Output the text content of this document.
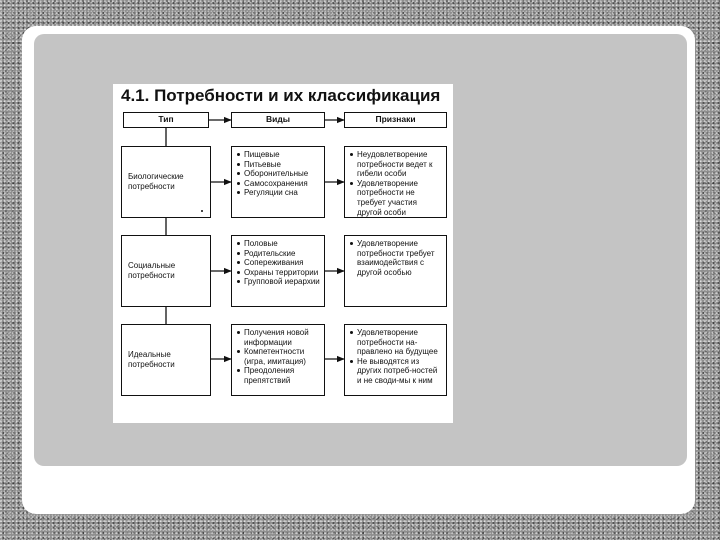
4.1. Потребности и их классификация
Тип	Виды	Признаки
Биологические потребности
Пищевые
Питьевые
Оборонительные
Самосохранения
Регуляции сна
Неудовлетворение потребности ведет к гибели особи
Удовлетворение потребности не требует участия другой особи
Социальные потребности
Половые
Родительские
Сопереживания
Охраны территории
Групповой иерархии
Удовлетворение потребности требует взаимодействия с другой особью
Идеальные потребности
Получения новой информации
Компетентности (игра, имитация)
Преодоления препятствий
Удовлетворение потребности на-правлено на будущее
Не выводятся из других потреб-ностей и не своди-мы к ним
